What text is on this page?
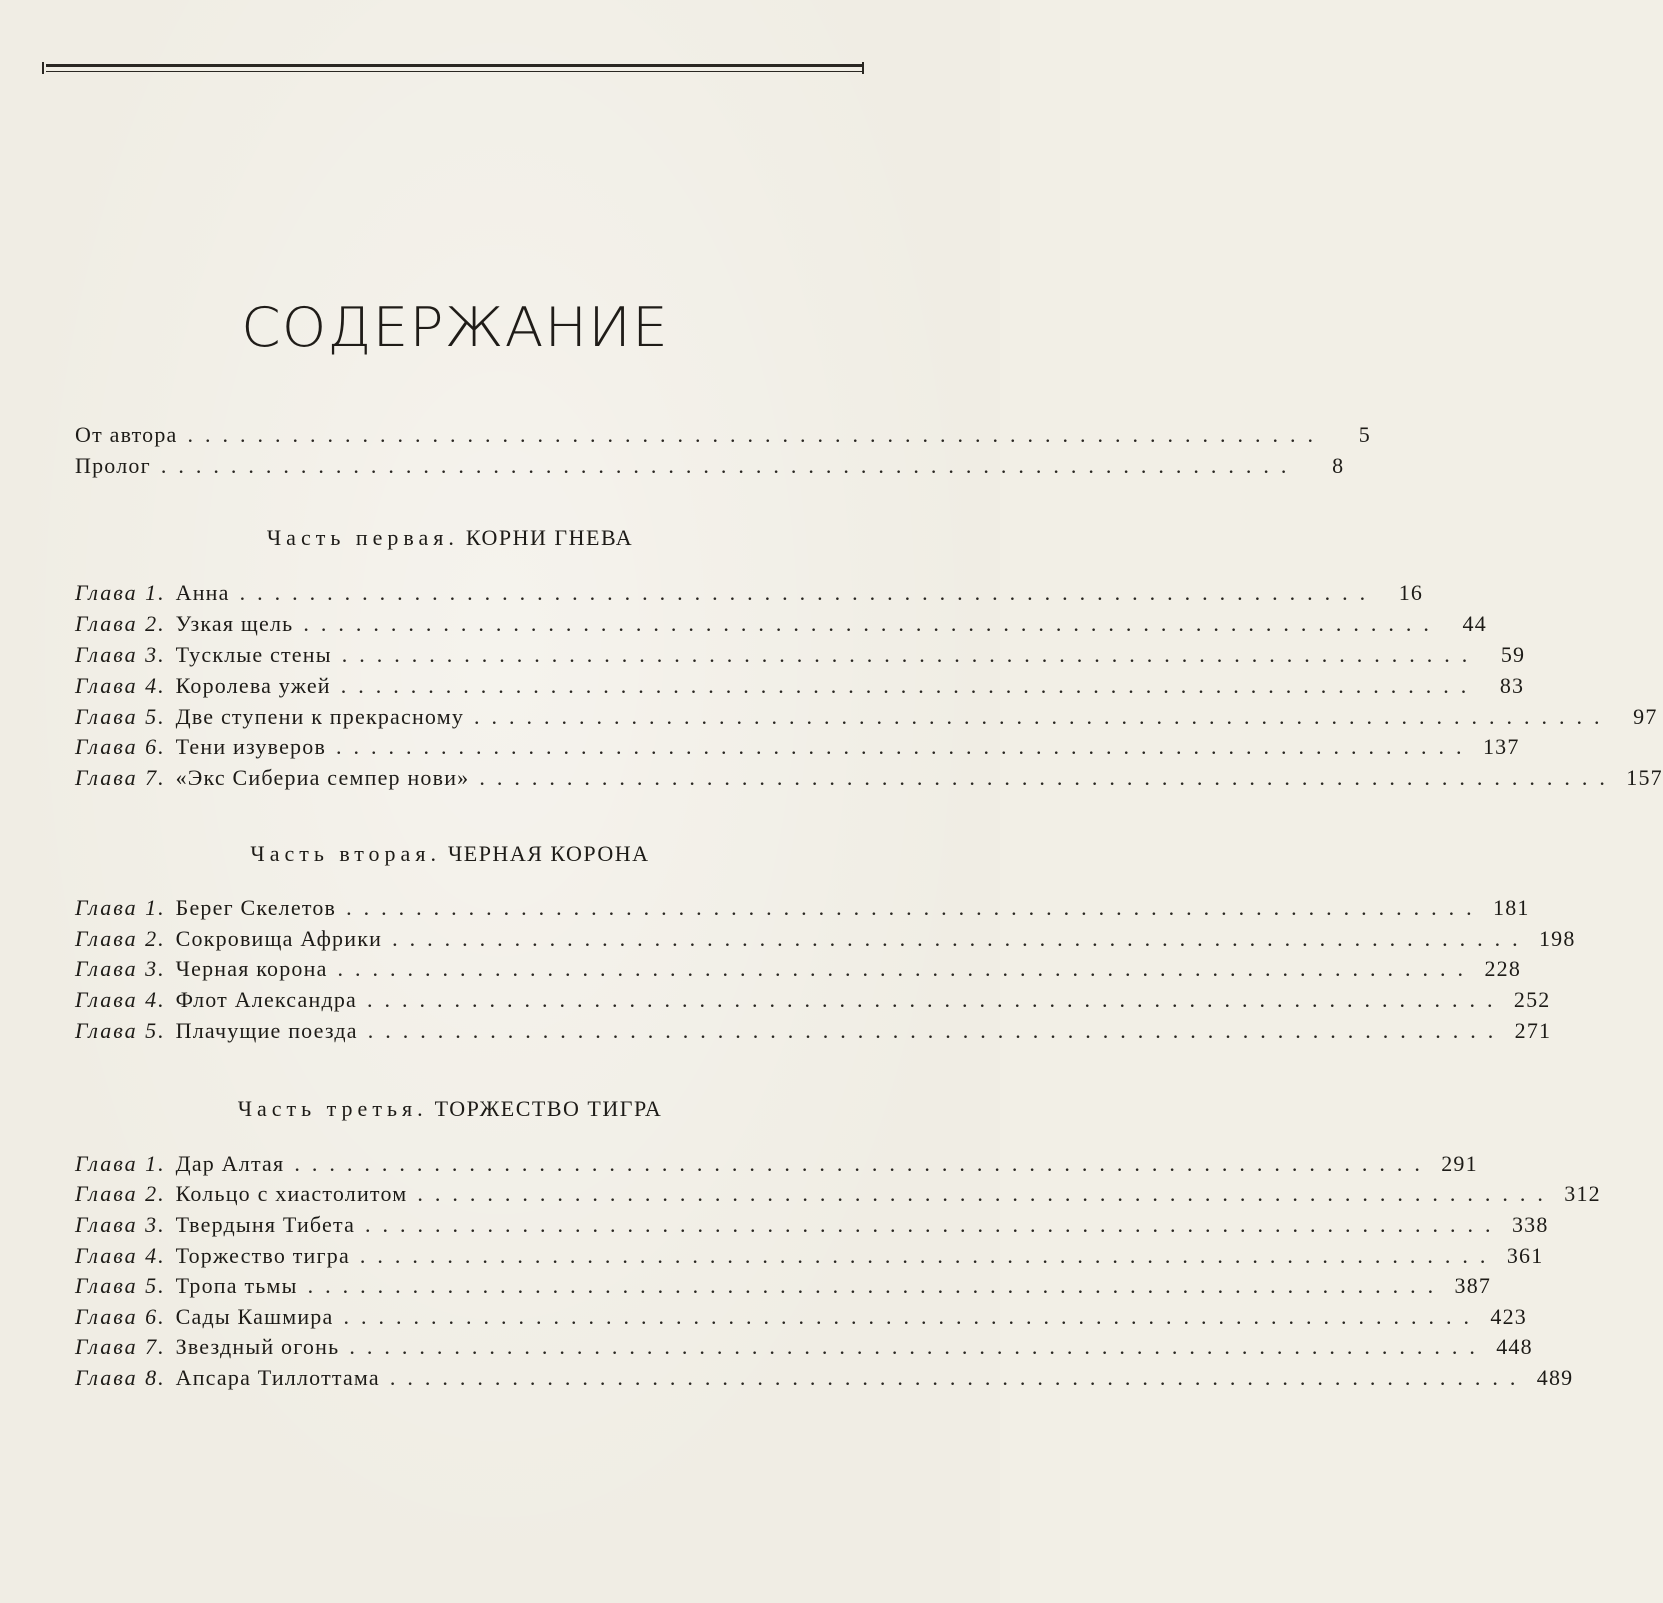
СОДЕРЖАНИЕ
От автора .................................................................	5
Пролог .................................................................	8
Часть первая. КОРНИ ГНЕВА
Глава 1. Анна ................................................................. 16
Глава 2. Узкая щель ................................................................. 44
Глава 3. Тусклые стены ................................................................. 59
Глава 4. Королева ужей ................................................................. 83
Глава 5. Две ступени к прекрасному ................................................................. 97
Глава 6. Тени изуверов ................................................................. 137
Глава 7. «Экс Сибериа семпер нови» ................................................................. 157
Часть вторая. ЧЕРНАЯ КОРОНА
Глава 1. Берег Скелетов ................................................................. 181
Глава 2. Сокровища Африки ................................................................. 198
Глава 3. Черная корона ................................................................. 228
Глава 4. Флот Александра ................................................................. 252
Глава 5. Плачущие поезда ................................................................. 271
Часть третья. ТОРЖЕСТВО ТИГРА
Глава 1. Дар Алтая ................................................................. 291
Глава 2. Кольцо с хиастолитом ................................................................. 312
Глава 3. Твердыня Тибета ................................................................. 338
Глава 4. Торжество тигра ................................................................. 361
Глава 5. Тропа тьмы ................................................................. 387
Глава 6. Сады Кашмира ................................................................. 423
Глава 7. Звездный огонь ................................................................. 448
Глава 8. Апсара Тиллоттама ................................................................. 489
